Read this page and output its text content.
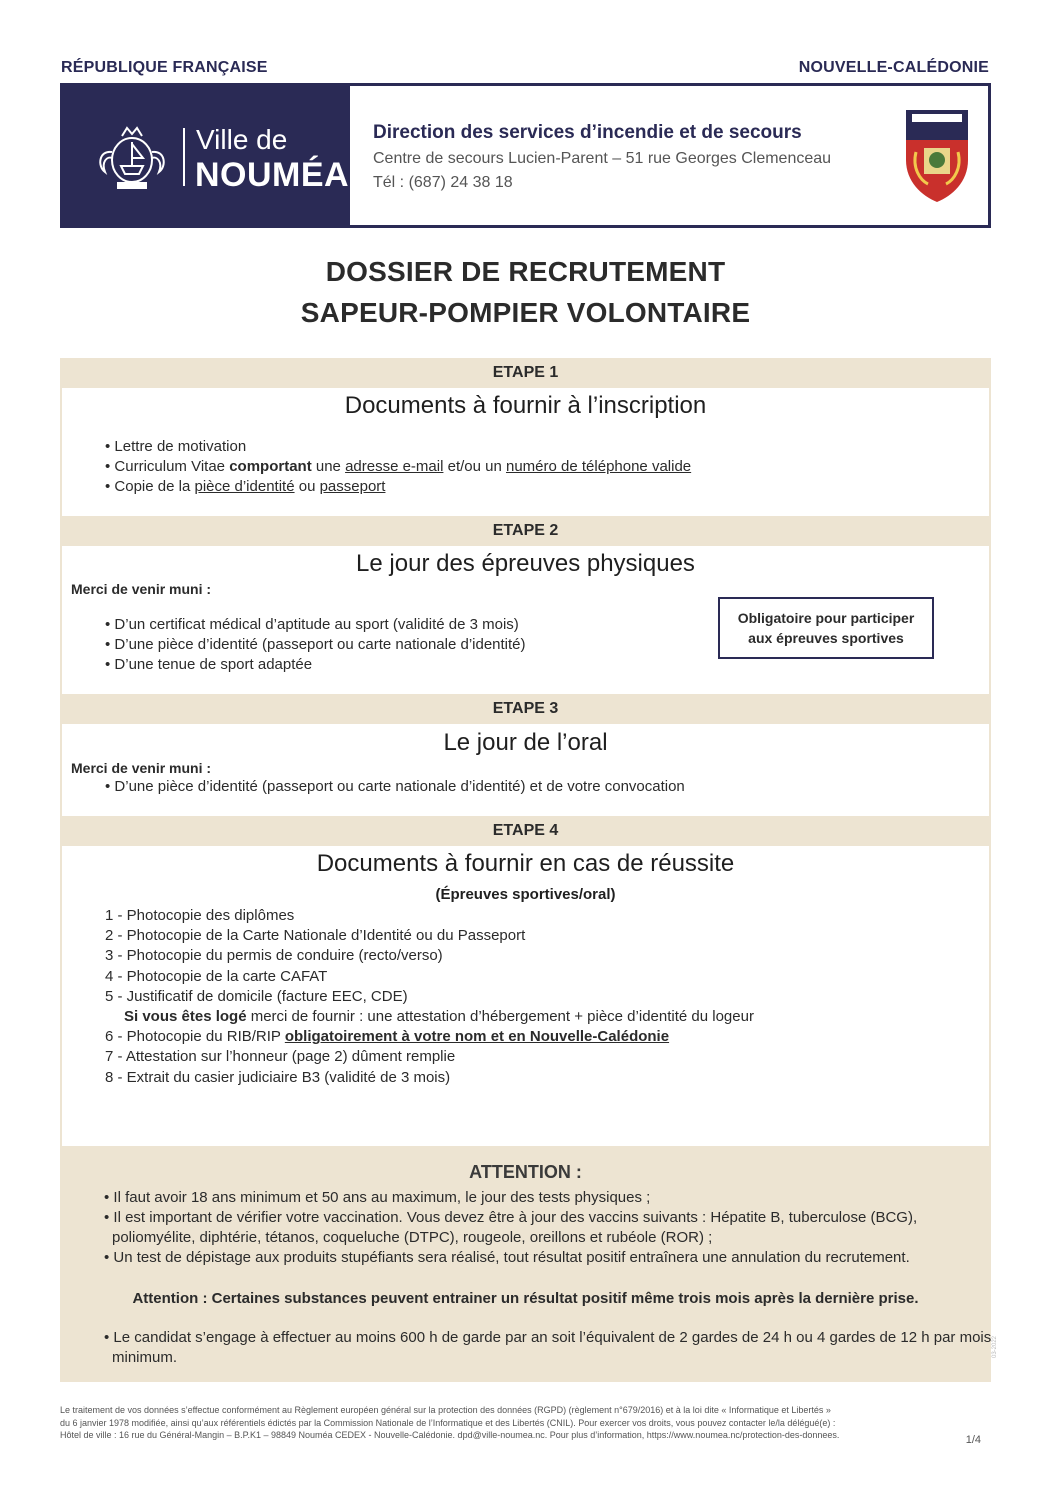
RÉPUBLIQUE FRANÇAISE	NOUVELLE-CALÉDONIE
Ville de
NOUMÉA
Direction des services d’incendie et de secours
Centre de secours Lucien-Parent – 51 rue Georges Clemenceau
Tél : (687) 24 38 18
DOSSIER DE RECRUTEMENT
SAPEUR-POMPIER VOLONTAIRE
ETAPE 1
Documents à fournir à l’inscription
• Lettre de motivation
• Curriculum Vitae comportant une adresse e-mail et/ou un numéro de téléphone valide
• Copie de la pièce d’identité ou passeport
ETAPE 2
Le jour des épreuves physiques
Merci de venir muni :
• D’un certificat médical d’aptitude au sport (validité de 3 mois)
• D’une pièce d’identité (passeport ou carte nationale d’identité)
• D’une tenue de sport adaptée
Obligatoire pour participer
aux épreuves sportives
ETAPE 3
Le jour de l’oral
Merci de venir muni :
• D’une pièce d’identité (passeport ou carte nationale d’identité) et de votre convocation
ETAPE 4
Documents à fournir en cas de réussite
(Épreuves sportives/oral)
1 - Photocopie des diplômes
2 - Photocopie de la Carte Nationale d’Identité ou du Passeport
3 - Photocopie du permis de conduire (recto/verso)
4 - Photocopie de la carte CAFAT
5 - Justificatif de domicile (facture EEC, CDE)
Si vous êtes logé merci de fournir : une attestation d’hébergement + pièce d’identité du logeur
6 - Photocopie du RIB/RIP obligatoirement à votre nom et en Nouvelle-Calédonie
7 - Attestation sur l’honneur (page 2) dûment remplie
8 - Extrait du casier judiciaire B3 (validité de 3 mois)
ATTENTION :
• Il faut avoir 18 ans minimum et 50 ans au maximum, le jour des tests physiques ;
• Il est important de vérifier votre vaccination. Vous devez être à jour des vaccins suivants : Hépatite B, tuberculose (BCG), poliomyélite, diphtérie, tétanos, coqueluche (DTPC), rougeole, oreillons et rubéole (ROR) ;
• Un test de dépistage aux produits stupéfiants sera réalisé, tout résultat positif entraînera une annulation du recrutement.
Attention : Certaines substances peuvent entrainer un résultat positif même trois mois après la dernière prise.
• Le candidat s’engage à effectuer au moins 600 h de garde par an soit l’équivalent de 2 gardes de 24 h ou 4 gardes de 12 h par mois minimum.	03-2022
Le traitement de vos données s’effectue conformément au Règlement européen général sur la protection des données (RGPD) (règlement n°679/2016) et à la loi dite « Informatique et Libertés »
du 6 janvier 1978 modifiée, ainsi qu’aux référentiels édictés par la Commission Nationale de l’Informatique et des Libertés (CNIL). Pour exercer vos droits, vous pouvez contacter le/la délégué(e) :
Hôtel de ville : 16 rue du Général-Mangin – B.P.K1 – 98849 Nouméa CEDEX - Nouvelle-Calédonie. dpd@ville-noumea.nc. Pour plus d’information, https://www.noumea.nc/protection-des-donnees.	1/4
